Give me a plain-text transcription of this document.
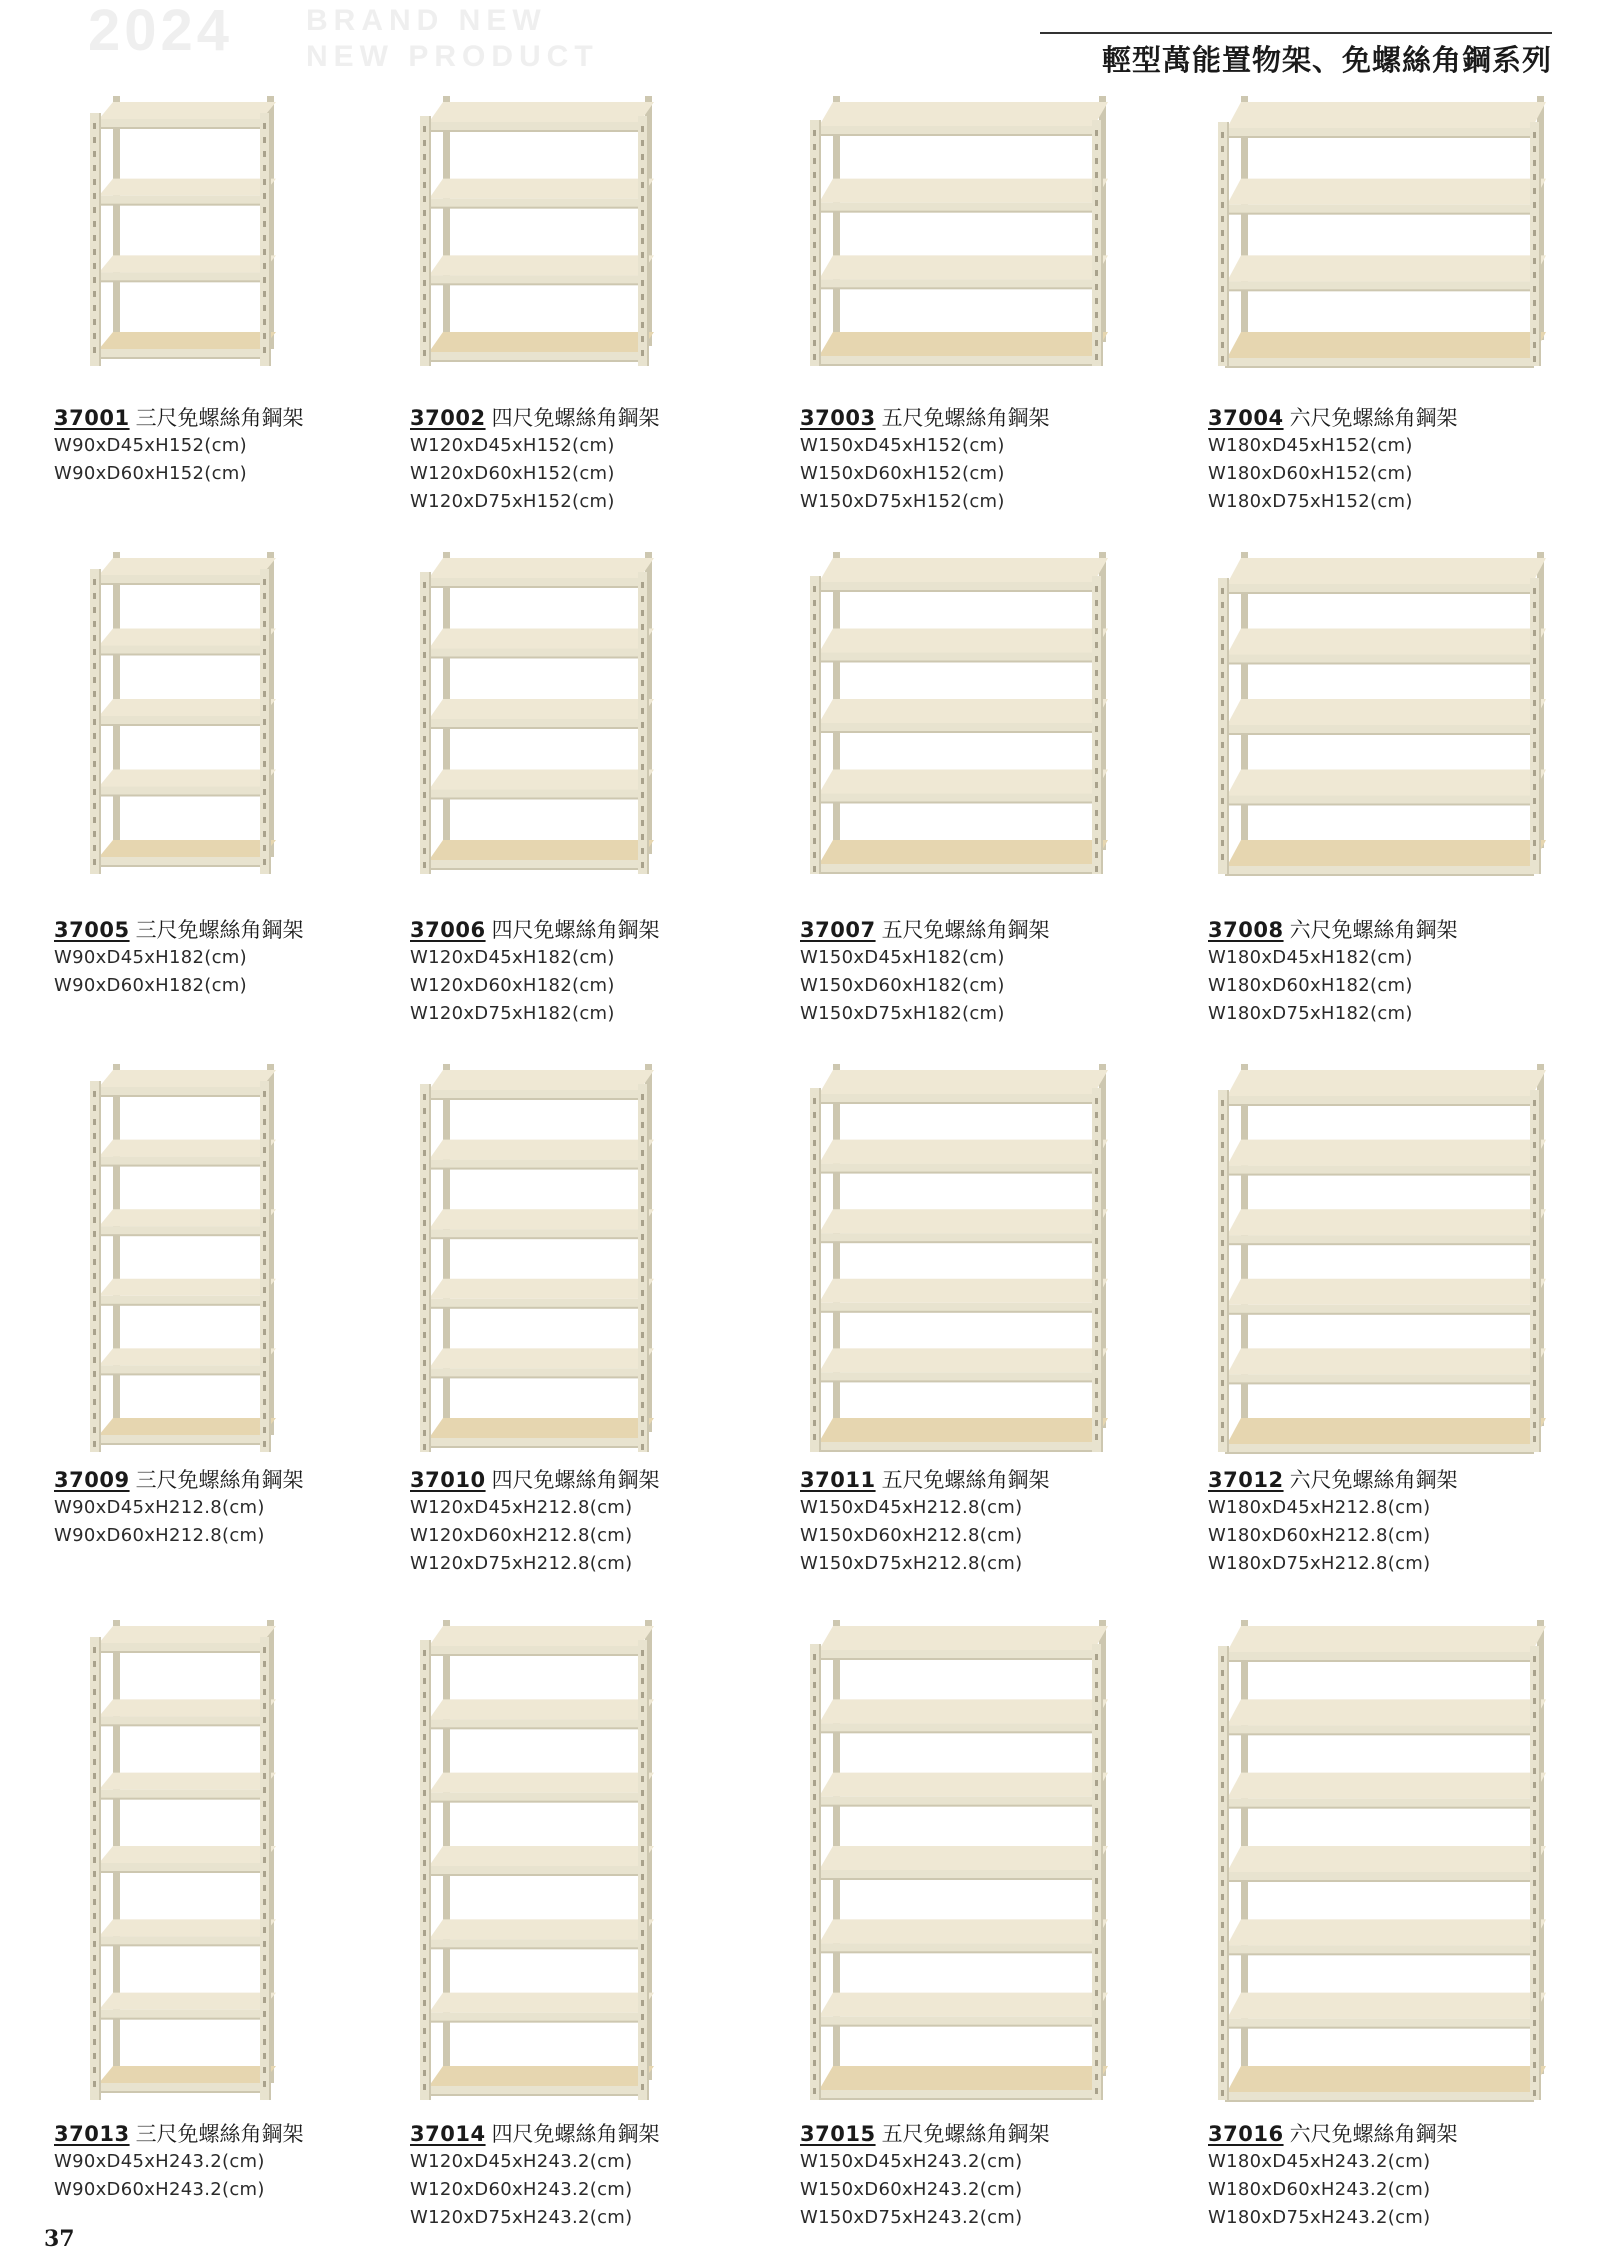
2024 BRAND NEW
NEW PRODUCT	輕型萬能置物架、免螺絲角鋼系列
37001 三尺免螺絲角鋼架
W90xD45xH152(cm)
W90xD60xH152(cm)
37002 四尺免螺絲角鋼架
W120xD45xH152(cm)
W120xD60xH152(cm)
W120xD75xH152(cm)
37003 五尺免螺絲角鋼架
W150xD45xH152(cm)
W150xD60xH152(cm)
W150xD75xH152(cm)
37004 六尺免螺絲角鋼架
W180xD45xH152(cm)
W180xD60xH152(cm)
W180xD75xH152(cm)
37005 三尺免螺絲角鋼架
W90xD45xH182(cm)
W90xD60xH182(cm)
37006 四尺免螺絲角鋼架
W120xD45xH182(cm)
W120xD60xH182(cm)
W120xD75xH182(cm)
37007 五尺免螺絲角鋼架
W150xD45xH182(cm)
W150xD60xH182(cm)
W150xD75xH182(cm)
37008 六尺免螺絲角鋼架
W180xD45xH182(cm)
W180xD60xH182(cm)
W180xD75xH182(cm)
37009 三尺免螺絲角鋼架
W90xD45xH212.8(cm)
W90xD60xH212.8(cm)
37010 四尺免螺絲角鋼架
W120xD45xH212.8(cm)
W120xD60xH212.8(cm)
W120xD75xH212.8(cm)
37011 五尺免螺絲角鋼架
W150xD45xH212.8(cm)
W150xD60xH212.8(cm)
W150xD75xH212.8(cm)
37012 六尺免螺絲角鋼架
W180xD45xH212.8(cm)
W180xD60xH212.8(cm)
W180xD75xH212.8(cm)
37013 三尺免螺絲角鋼架
W90xD45xH243.2(cm)
W90xD60xH243.2(cm)
37014 四尺免螺絲角鋼架
W120xD45xH243.2(cm)
W120xD60xH243.2(cm)
W120xD75xH243.2(cm)
37015 五尺免螺絲角鋼架
W150xD45xH243.2(cm)
W150xD60xH243.2(cm)
W150xD75xH243.2(cm)
37016 六尺免螺絲角鋼架
W180xD45xH243.2(cm)
W180xD60xH243.2(cm)
W180xD75xH243.2(cm)
37
